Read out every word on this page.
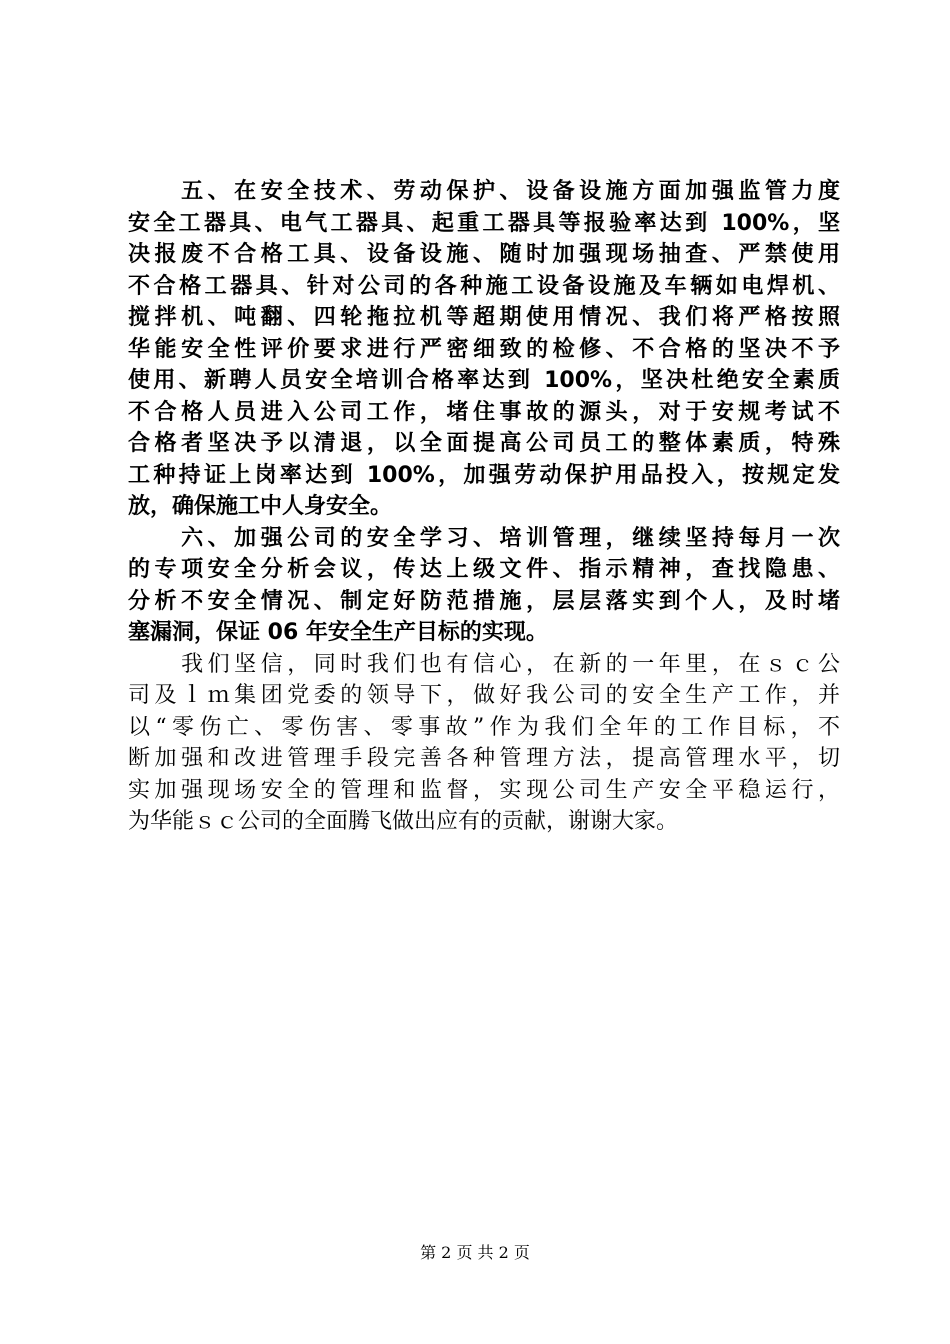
　　五、在安全技术、劳动保护、设备设施方面加强监管力度
安全工器具、电气工器具、起重工器具等报验率达到 100%，坚
决报废不合格工具、设备设施、随时加强现场抽查、严禁使用
不合格工器具、针对公司的各种施工设备设施及车辆如电焊机、
搅拌机、吨翻、四轮拖拉机等超期使用情况、我们将严格按照
华能安全性评价要求进行严密细致的检修、不合格的坚决不予
使用、新聘人员安全培训合格率达到 100%，坚决杜绝安全素质
不合格人员进入公司工作，堵住事故的源头，对于安规考试不
合格者坚决予以清退，以全面提高公司员工的整体素质，特殊
工种持证上岗率达到 100%，加强劳动保护用品投入，按规定发
放，确保施工中人身安全。
　　六、加强公司的安全学习、培训管理，继续坚持每月一次
的专项安全分析会议，传达上级文件、指示精神，查找隐患、
分析不安全情况、制定好防范措施，层层落实到个人，及时堵
塞漏洞，保证 06 年安全生产目标的实现。
　　我们坚信，同时我们也有信心，在新的一年里，在ｓｃ公
司及ｌｍ集团党委的领导下，做好我公司的安全生产工作，并
以“零伤亡、零伤害、零事故”作为我们全年的工作目标，不
断加强和改进管理手段完善各种管理方法，提高管理水平，切
实加强现场安全的管理和监督，实现公司生产安全平稳运行，
为华能ｓｃ公司的全面腾飞做出应有的贡献，谢谢大家。
第 2 页 共 2 页
